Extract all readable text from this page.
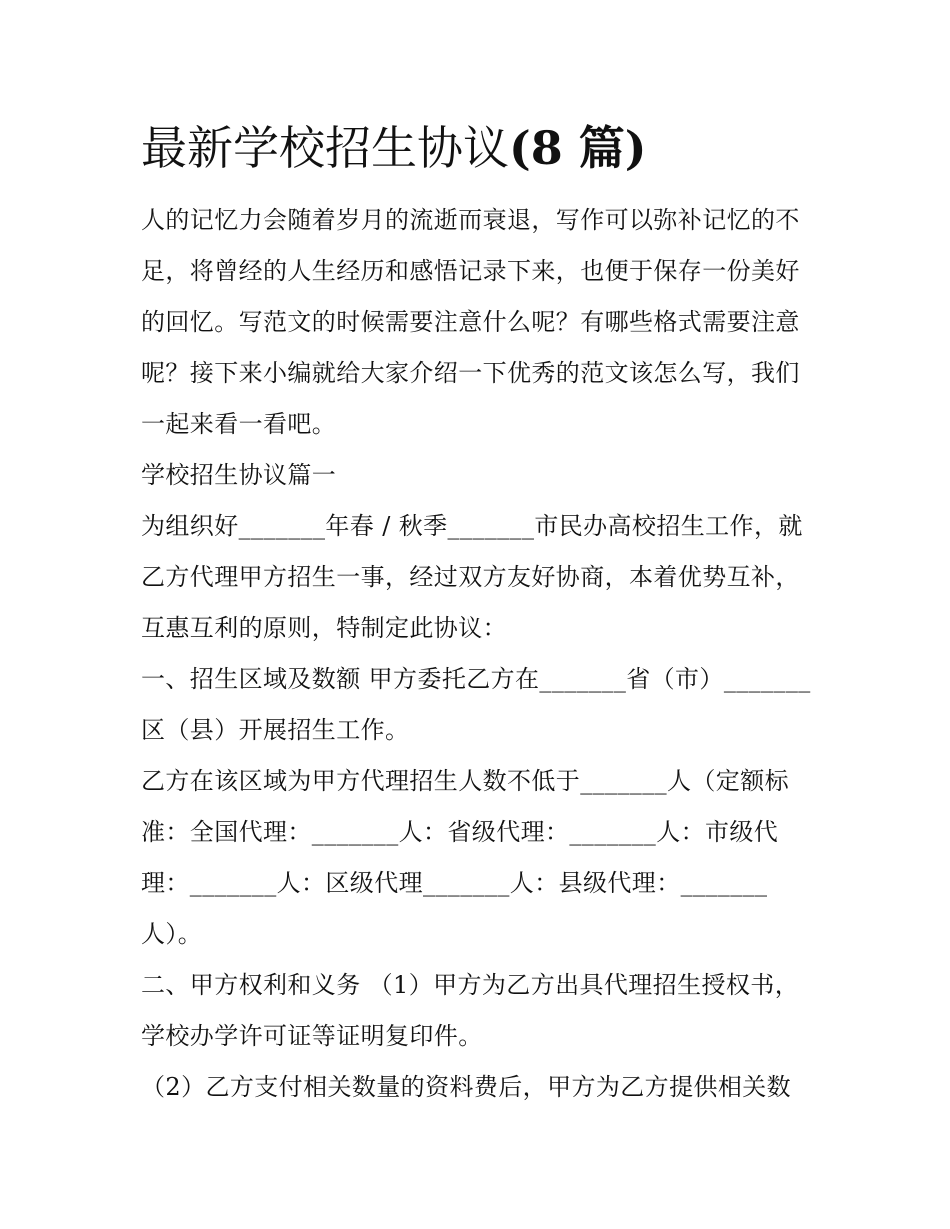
最新学校招生协议(8 篇)
人的记忆力会随着岁月的流逝而衰退，写作可以弥补记忆的不
足，将曾经的人生经历和感悟记录下来，也便于保存一份美好
的回忆。写范文的时候需要注意什么呢？有哪些格式需要注意
呢？接下来小编就给大家介绍一下优秀的范文该怎么写，我们
一起来看一看吧。
学校招生协议篇一
为组织好_______年春 / 秋季_______市民办高校招生工作，就
乙方代理甲方招生一事，经过双方友好协商，本着优势互补，
互惠互利的原则，特制定此协议：
一、招生区域及数额 甲方委托乙方在_______省（市）_______
区（县）开展招生工作。
乙方在该区域为甲方代理招生人数不低于_______人（定额标
准：全国代理：_______人：省级代理：_______人：市级代
理：_______人：区级代理_______人：县级代理：_______
人）。
二、甲方权利和义务 （1）甲方为乙方出具代理招生授权书，
学校办学许可证等证明复印件。
（2）乙方支付相关数量的资料费后，甲方为乙方提供相关数
